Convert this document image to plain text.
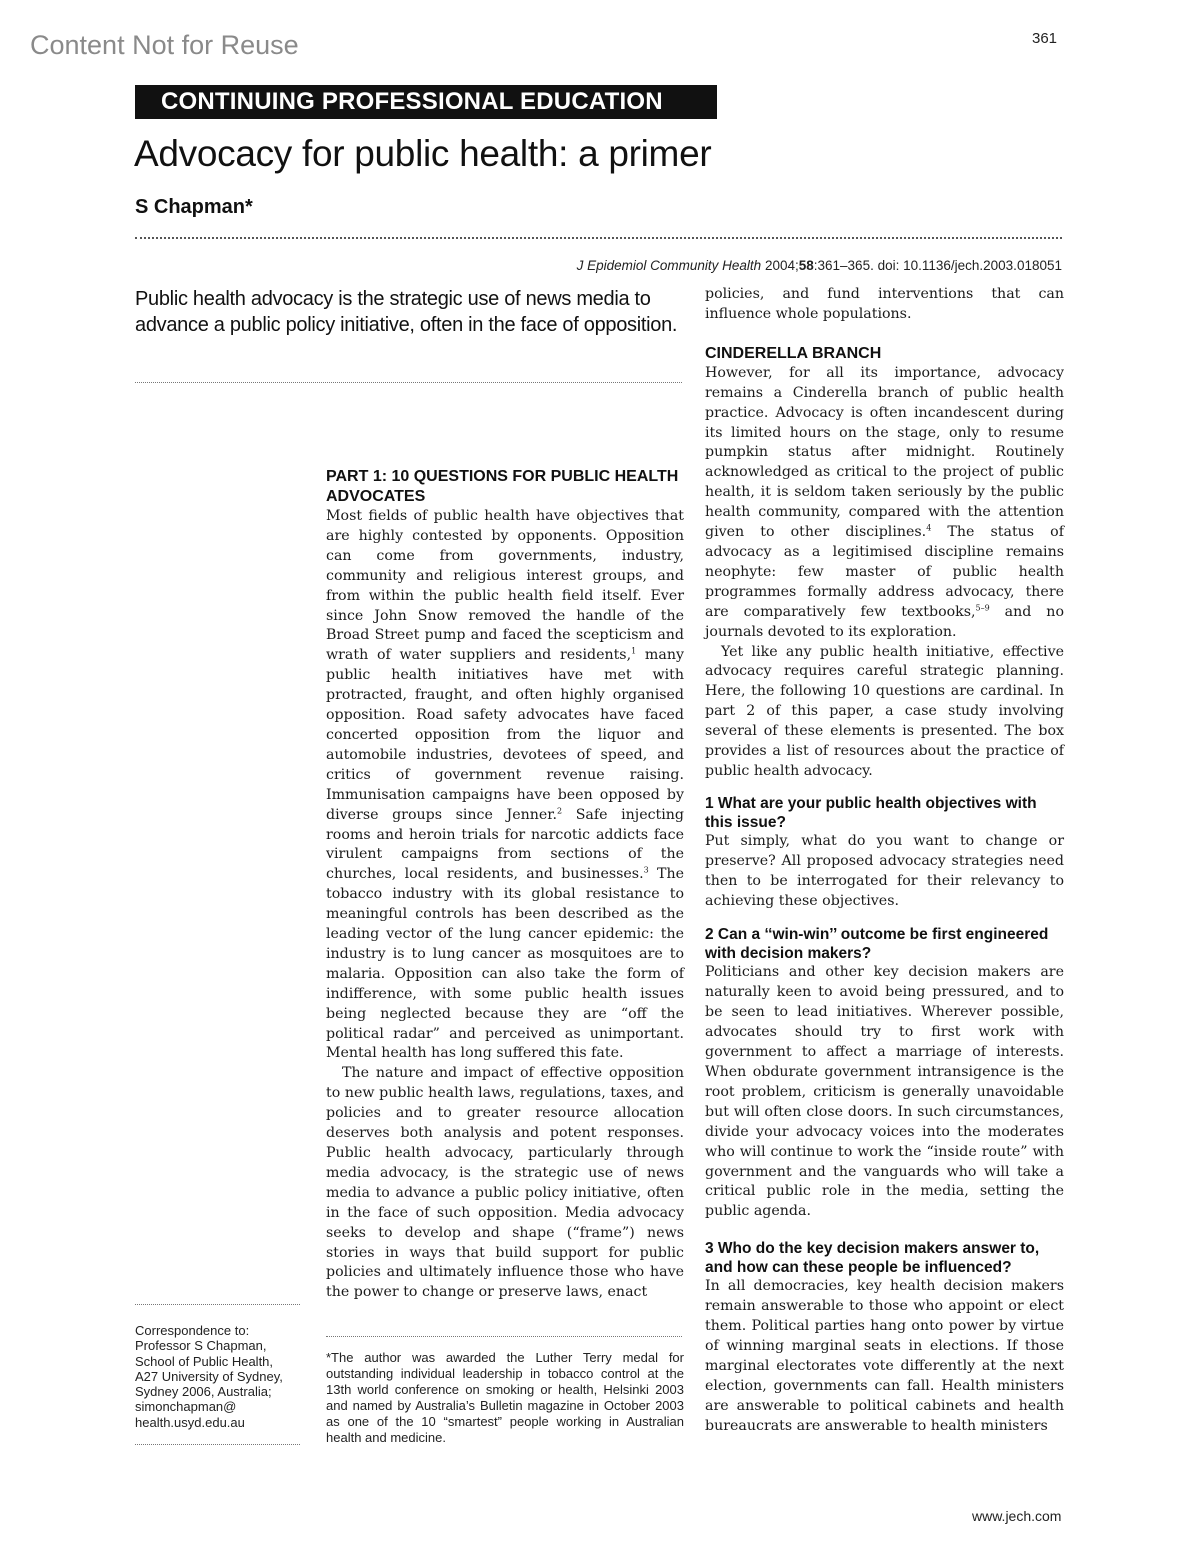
Content Not for Reuse	361
CONTINUING PROFESSIONAL EDUCATION
Advocacy for public health: a primer
S Chapman*
J Epidemiol Community Health 2004;58:361–365. doi: 10.1136/jech.2003.018051
Public health advocacy is the strategic use of news media to advance a public policy initiative, often in the face of opposition.
PART 1: 10 QUESTIONS FOR PUBLIC HEALTH ADVOCATES

Most fields of public health have objectives that are highly contested by opponents. Opposition can come from governments, industry, community and religious interest groups, and from within the public health field itself. Ever since John Snow removed the handle of the Broad Street pump and faced the scepticism and wrath of water suppliers and residents,$^1$ many public health initiatives have met with protracted, fraught, and often highly organised opposition. Road safety advocates have faced concerted opposition from the liquor and automobile industries, devotees of speed, and critics of government revenue raising. Immunisation campaigns have been opposed by diverse groups since Jenner.$^2$ Safe injecting rooms and heroin trials for narcotic addicts face virulent campaigns from sections of the churches, local residents, and businesses.$^3$ The tobacco industry with its global resistance to meaningful controls has been described as the leading vector of the lung cancer epidemic: the industry is to lung cancer as mosquitoes are to malaria. Opposition can also take the form of indifference, with some public health issues being neglected because they are “off the political radar” and perceived as unimportant. Mental health has long suffered this fate.

The nature and impact of effective opposition to new public health laws, regulations, taxes, and policies and to greater resource allocation deserves both analysis and potent responses. Public health advocacy, particularly through media advocacy, is the strategic use of news media to advance a public policy initiative, often in the face of such opposition. Media advocacy seeks to develop and shape (“frame”) news stories in ways that build support for public policies and ultimately influence those who have the power to change or preserve laws, enact

policies, and fund interventions that can influence whole populations.

CINDERELLA BRANCH

However, for all its importance, advocacy remains a Cinderella branch of public health practice. Advocacy is often incandescent during its limited hours on the stage, only to resume pumpkin status after midnight. Routinely acknowledged as critical to the project of public health, it is seldom taken seriously by the public health community, compared with the attention given to other disciplines.$^4$ The status of advocacy as a legitimised discipline remains neophyte: few master of public health programmes formally address advocacy, there are comparatively few textbooks,$^{5-9}$ and no journals devoted to its exploration.

Yet like any public health initiative, effective advocacy requires careful strategic planning. Here, the following 10 questions are cardinal. In part 2 of this paper, a case study involving several of these elements is presented. The box provides a list of resources about the practice of public health advocacy.

1 What are your public health objectives with this issue?

Put simply, what do you want to change or preserve? All proposed advocacy strategies need then to be interrogated for their relevancy to achieving these objectives.

2 Can a ‘‘win-win’’ outcome be first engineered with decision makers?

Politicians and other key decision makers are naturally keen to avoid being pressured, and to be seen to lead initiatives. Wherever possible, advocates should try to first work with government to affect a marriage of interests. When obdurate government intransigence is the root problem, criticism is generally unavoidable but will often close doors. In such circumstances, divide your advocacy voices into the moderates who will continue to work the “inside route” with government and the vanguards who will take a critical public role in the media, setting the public agenda.

3 Who do the key decision makers answer to, and how can these people be influenced?

In all democracies, key health decision makers remain answerable to those who appoint or elect them. Political parties hang onto power by virtue of winning marginal seats in elections. If those marginal electorates vote differently at the next election, governments can fall. Health ministers are answerable to political cabinets and health bureaucrats are answerable to health ministers

Correspondence to:
Professor S Chapman,
School of Public Health,
A27 University of Sydney,
Sydney 2006, Australia;
simonchapman@
health.usyd.edu.au
*The author was awarded the Luther Terry medal for outstanding individual leadership in tobacco control at the 13th world conference on smoking or health, Helsinki 2003 and named by Australia’s Bulletin magazine in October 2003 as one of the 10 “smartest” people working in Australian health and medicine.
www.jech.com
